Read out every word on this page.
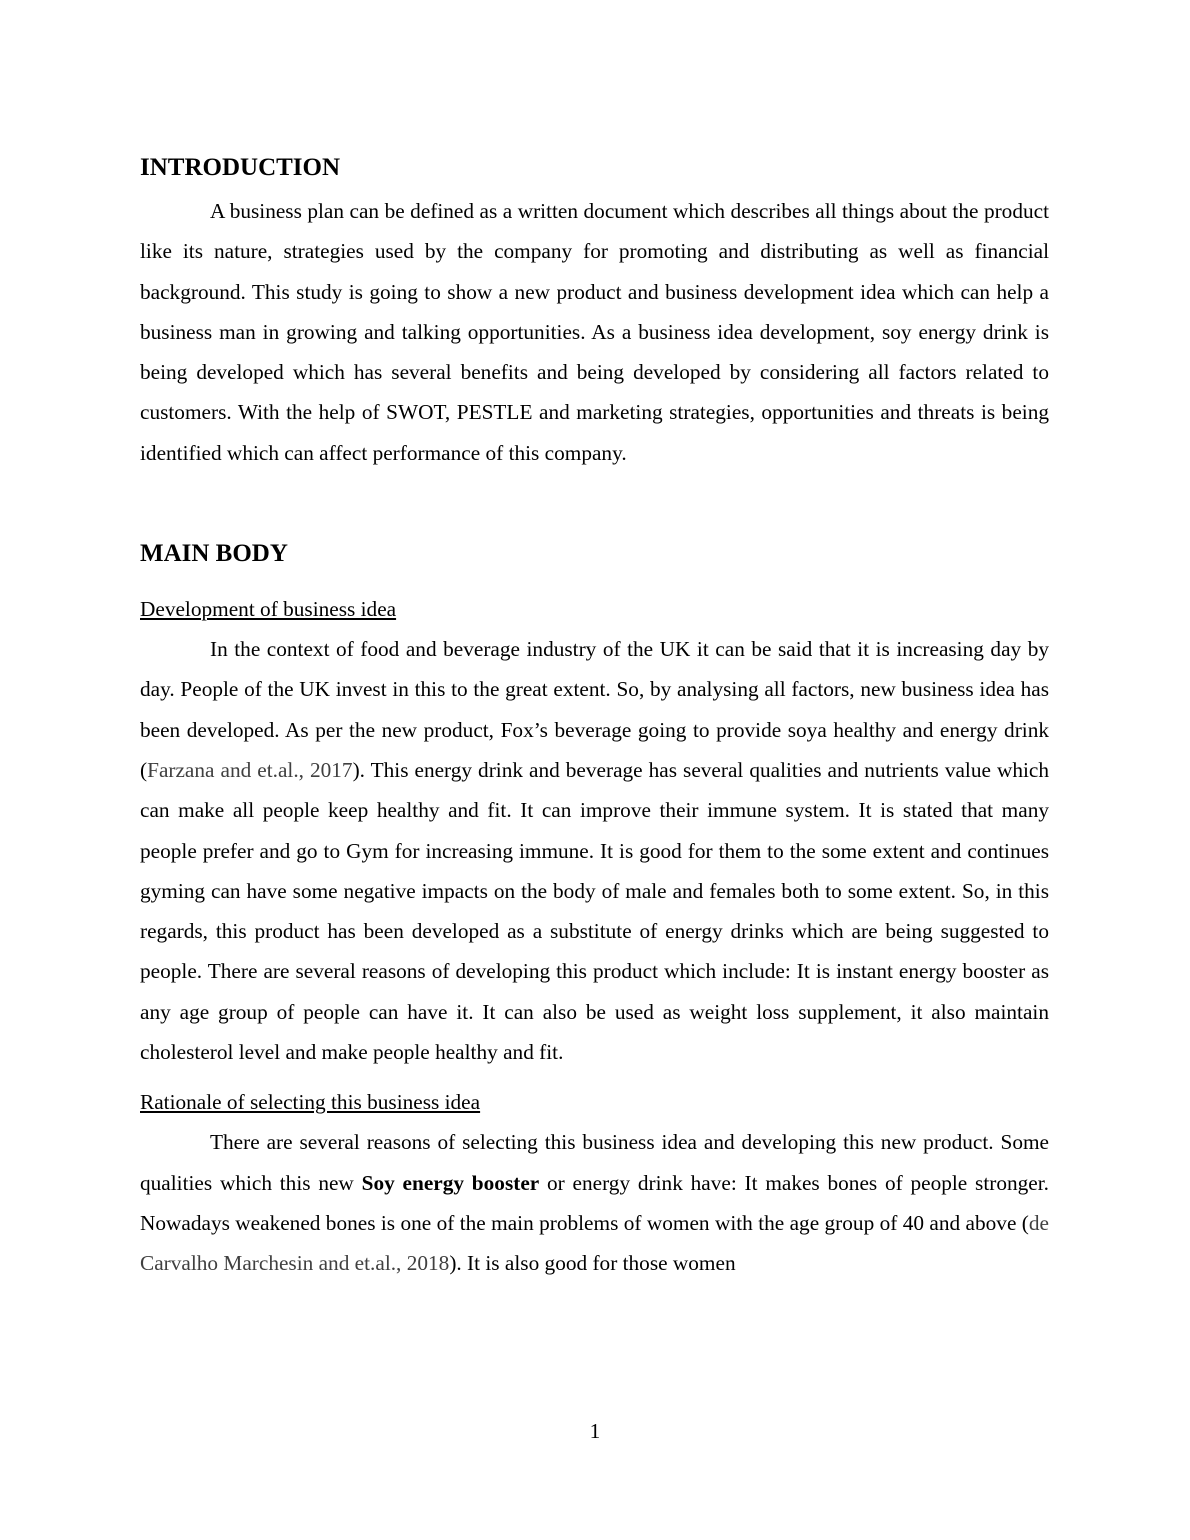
INTRODUCTION

A business plan can be defined as a written document which describes all things about the product like its nature, strategies used by the company for promoting and distributing as well as financial background. This study is going to show a new product and business development idea which can help a business man in growing and talking opportunities. As a business idea development, soy energy drink is being developed which has several benefits and being developed by considering all factors related to customers. With the help of SWOT, PESTLE and marketing strategies, opportunities and threats is being identified which can affect performance of this company.

MAIN BODY
Development of business idea

In the context of food and beverage industry of the UK it can be said that it is increasing day by day. People of the UK invest in this to the great extent. So, by analysing all factors, new business idea has been developed. As per the new product, Fox’s beverage going to provide soya healthy and energy drink (Farzana and et.al., 2017). This energy drink and beverage has several qualities and nutrients value which can make all people keep healthy and fit. It can improve their immune system. It is stated that many people prefer and go to Gym for increasing immune. It is good for them to the some extent and continues gyming can have some negative impacts on the body of male and females both to some extent. So, in this regards, this product has been developed as a substitute of energy drinks which are being suggested to people. There are several reasons of developing this product which include: It is instant energy booster as any age group of people can have it. It can also be used as weight loss supplement, it also maintain cholesterol level and make people healthy and fit.

Rationale of selecting this business idea

There are several reasons of selecting this business idea and developing this new product. Some qualities which this new Soy energy booster or energy drink have: It makes bones of people stronger. Nowadays weakened bones is one of the main problems of women with the age group of 40 and above (de Carvalho Marchesin and et.al., 2018). It is also good for those women

1
